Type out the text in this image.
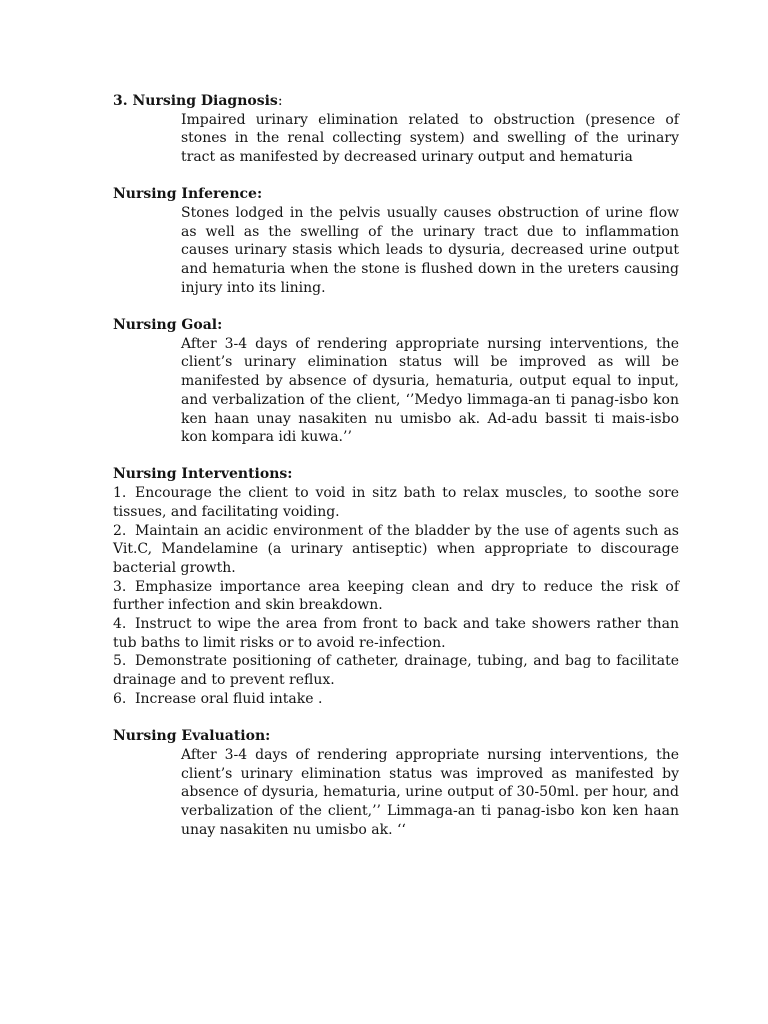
3. Nursing Diagnosis:

Impaired urinary elimination related to obstruction (presence of stones in the renal collecting system) and swelling of the urinary tract as manifested by decreased urinary output and hematuria

Nursing Inference:

Stones lodged in the pelvis usually causes obstruction of urine flow as well as the swelling of the urinary tract due to inflammation causes urinary stasis which leads to dysuria, decreased urine output and hematuria when the stone is flushed down in the ureters causing injury into its lining.

Nursing Goal:

After 3-4 days of rendering appropriate nursing interventions, the client’s urinary elimination status will be improved as will be manifested by absence of dysuria, hematuria, output equal to input, and verbalization of the client, ‘’Medyo limmaga-an ti panag-isbo kon ken haan unay nasakiten nu umisbo ak. Ad-adu bassit ti mais-isbo kon kompara idi kuwa.’’

Nursing Interventions:

1. Encourage the client to void in sitz bath to relax muscles, to soothe sore tissues, and facilitating voiding.
2. Maintain an acidic environment of the bladder by the use of agents such as Vit.C, Mandelamine (a urinary antiseptic) when appropriate to discourage bacterial growth.
3. Emphasize importance area keeping clean and dry to reduce the risk of further infection and skin breakdown.
4. Instruct to wipe the area from front to back and take showers rather than tub baths to limit risks or to avoid re-infection.
5. Demonstrate positioning of catheter, drainage, tubing, and bag to facilitate drainage and to prevent reflux.
6. Increase oral fluid intake .

Nursing Evaluation:

After 3-4 days of rendering appropriate nursing interventions, the client’s urinary elimination status was improved as manifested by absence of dysuria, hematuria, urine output of 30-50ml. per hour, and verbalization of the client,’’ Limmaga-an ti panag-isbo kon ken haan unay nasakiten nu umisbo ak. ‘‘
